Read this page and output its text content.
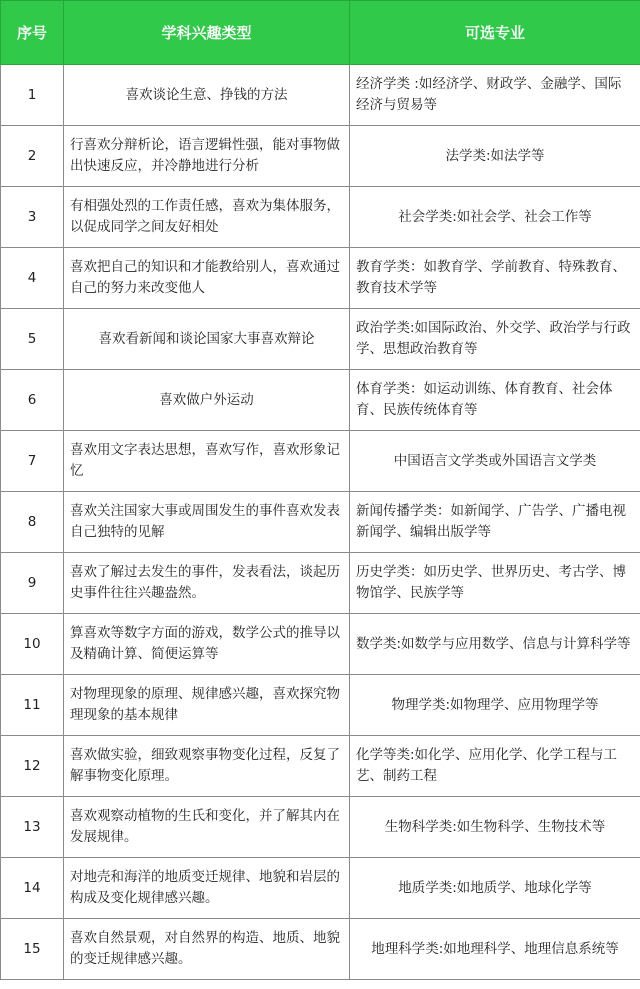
序号	学科兴趣类型	可选专业
1	喜欢谈论生意、挣钱的方法	经济学类 :如经济学、财政学、金融学、国际经济与贸易等
2	行喜欢分辩析论，语言逻辑性强，能对事物做出快速反应，并冷静地进行分析	法学类:如法学等
3	有相强处烈的工作责任感，喜欢为集体服务，以促成同学之间友好相处	社会学类:如社会学、社会工作等
4	喜欢把自己的知识和才能教给别人，喜欢通过自己的努力来改变他人	教育学类：如教育学、学前教育、特殊教育、教育技术学等
5	喜欢看新闻和谈论国家大事喜欢辩论	政治学类:如国际政治、外交学、政治学与行政学、思想政治教育等
6	喜欢做户外运动	体育学类：如运动训练、体育教育、社会体育、民族传统体育等
7	喜欢用文字表达思想，喜欢写作，喜欢形象记忆	中国语言文学类或外国语言文学类
8	喜欢关注国家大事或周围发生的事件喜欢发表自己独特的见解	新闻传播学类：如新闻学、广告学、广播电视新闻学、编辑出版学等
9	喜欢了解过去发生的事件，发表看法，谈起历史事件往往兴趣盎然。	历史学类：如历史学、世界历史、考古学、博物馆学、民族学等
10	算喜欢等数字方面的游戏，数学公式的推导以及精确计算、简便运算等	数学类:如数学与应用数学、信息与计算科学等
11	对物理现象的原理、规律感兴趣，喜欢探究物理现象的基本规律	物理学类:如物理学、应用物理学等
12	喜欢做实验，细致观察事物变化过程，反复了解事物变化原理。	化学等类:如化学、应用化学、化学工程与工艺、制药工程
13	喜欢观察动植物的生氏和变化，并了解其内在发展规律。	生物科学类:如生物科学、生物技术等
14	对地壳和海洋的地质变迁规律、地貌和岩层的构成及变化规律感兴趣。	地质学类:如地质学、地球化学等
15	喜欢自然景观，对自然界的构造、地质、地貌的变迁规律感兴趣。	地理科学类:如地理科学、地理信息系统等
